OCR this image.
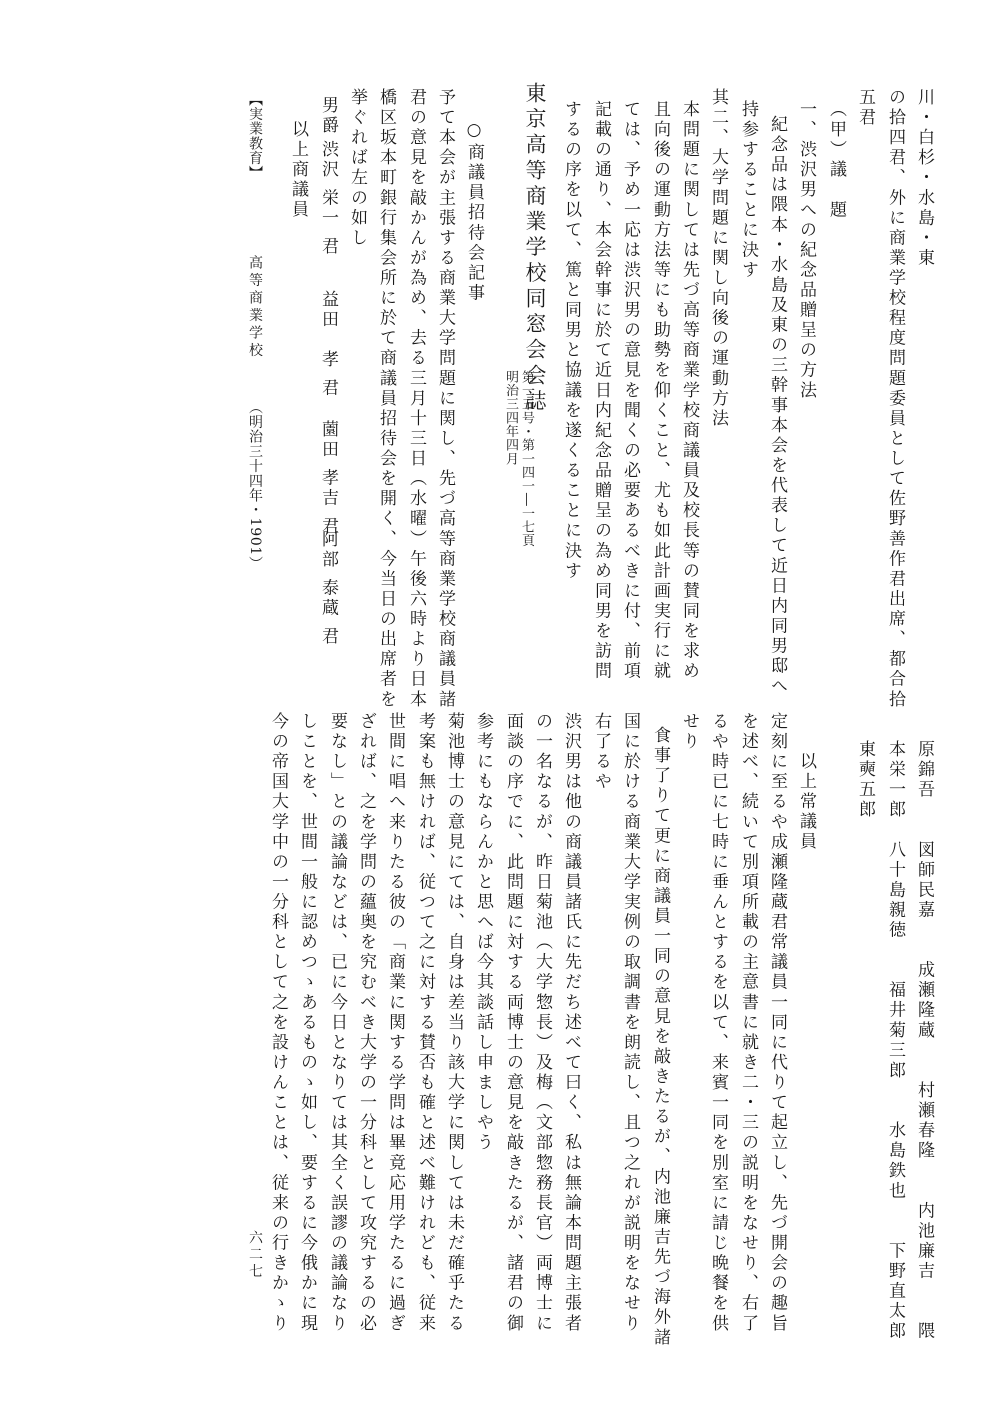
川・白杉・水島・東
の拾四君、外に商業学校程度問題委員として佐野善作君出席、都合拾
五君
（甲）議　題
一、渋沢男への紀念品贈呈の方法
紀念品は隈本・水島及東の三幹事本会を代表して近日内同男邸へ
持参することに決す
其二、大学問題に関し向後の運動方法
本問題に関しては先づ高等商業学校商議員及校長等の賛同を求め
且向後の運動方法等にも助勢を仰くこと、尤も如此計画実行に就
ては、予め一応は渋沢男の意見を聞くの必要あるべきに付、前項
記載の通り、本会幹事に於て近日内紀念品贈呈の為め同男を訪問
するの序を以て、篤と同男と協議を遂くることに決す
東京高等商業学校同窓会会誌
第一五号・第一四一―一七頁
明治三四年四月
○商議員招待会記事
予て本会が主張する商業大学問題に関し、先づ高等商業学校商議員諸
君の意見を敲かんが為め、去る三月十三日（水曜）午後六時より日本
橋区坂本町銀行集会所に於て商議員招待会を開く、今当日の出席者を
挙ぐれば左の如し
男爵
渋沢 栄一 君
益田　孝 君
薗田 孝吉 君
阿部 泰蔵 君
以上商議員
【実業教育】
高等商業学校
（明治三十四年・1901）
原錦吾　　図師民嘉　　成瀬隆蔵　　村瀬春隆　　内池廉吉　　隈
本栄一郎　八十島親徳　　福井菊三郎　　水島鉄也　　下野直太郎
東奭五郎
以上常議員
定刻に至るや成瀬隆蔵君常議員一同に代りて起立し、先づ開会の趣旨
を述べ、続いて別項所載の主意書に就き二・三の説明をなせり、右了
るや時已に七時に垂んとするを以て、来賓一同を別室に請じ晩餐を供
せり
食事了りて更に商議員一同の意見を敲きたるが、内池廉吉先づ海外諸
国に於ける商業大学実例の取調書を朗読し、且つ之れが説明をなせり
右了るや
渋沢男は他の商議員諸氏に先だち述べて曰く、私は無論本問題主張者
の一名なるが、昨日菊池（大学惣長）及梅（文部惣務長官）両博士に
面談の序でに、此問題に対する両博士の意見を敲きたるが、諸君の御
参考にもならんかと思へば今其談話し申ましやう
菊池博士の意見にては、自身は差当り該大学に関しては未だ確乎たる
考案も無ければ、従つて之に対する賛否も確と述べ難けれども、従来
世間に唱へ来りたる彼の「商業に関する学問は畢竟応用学たるに過ぎ
ざれば、之を学問の蘊奥を究むべき大学の一分科として攻究するの必
要なし」との議論などは、已に今日となりては其全く誤謬の議論なり
しことを、世間一般に認めつゝあるものゝ如し、要するに今俄かに現
今の帝国大学中の一分科として之を設けんことは、従来の行きかゝり
六二七
